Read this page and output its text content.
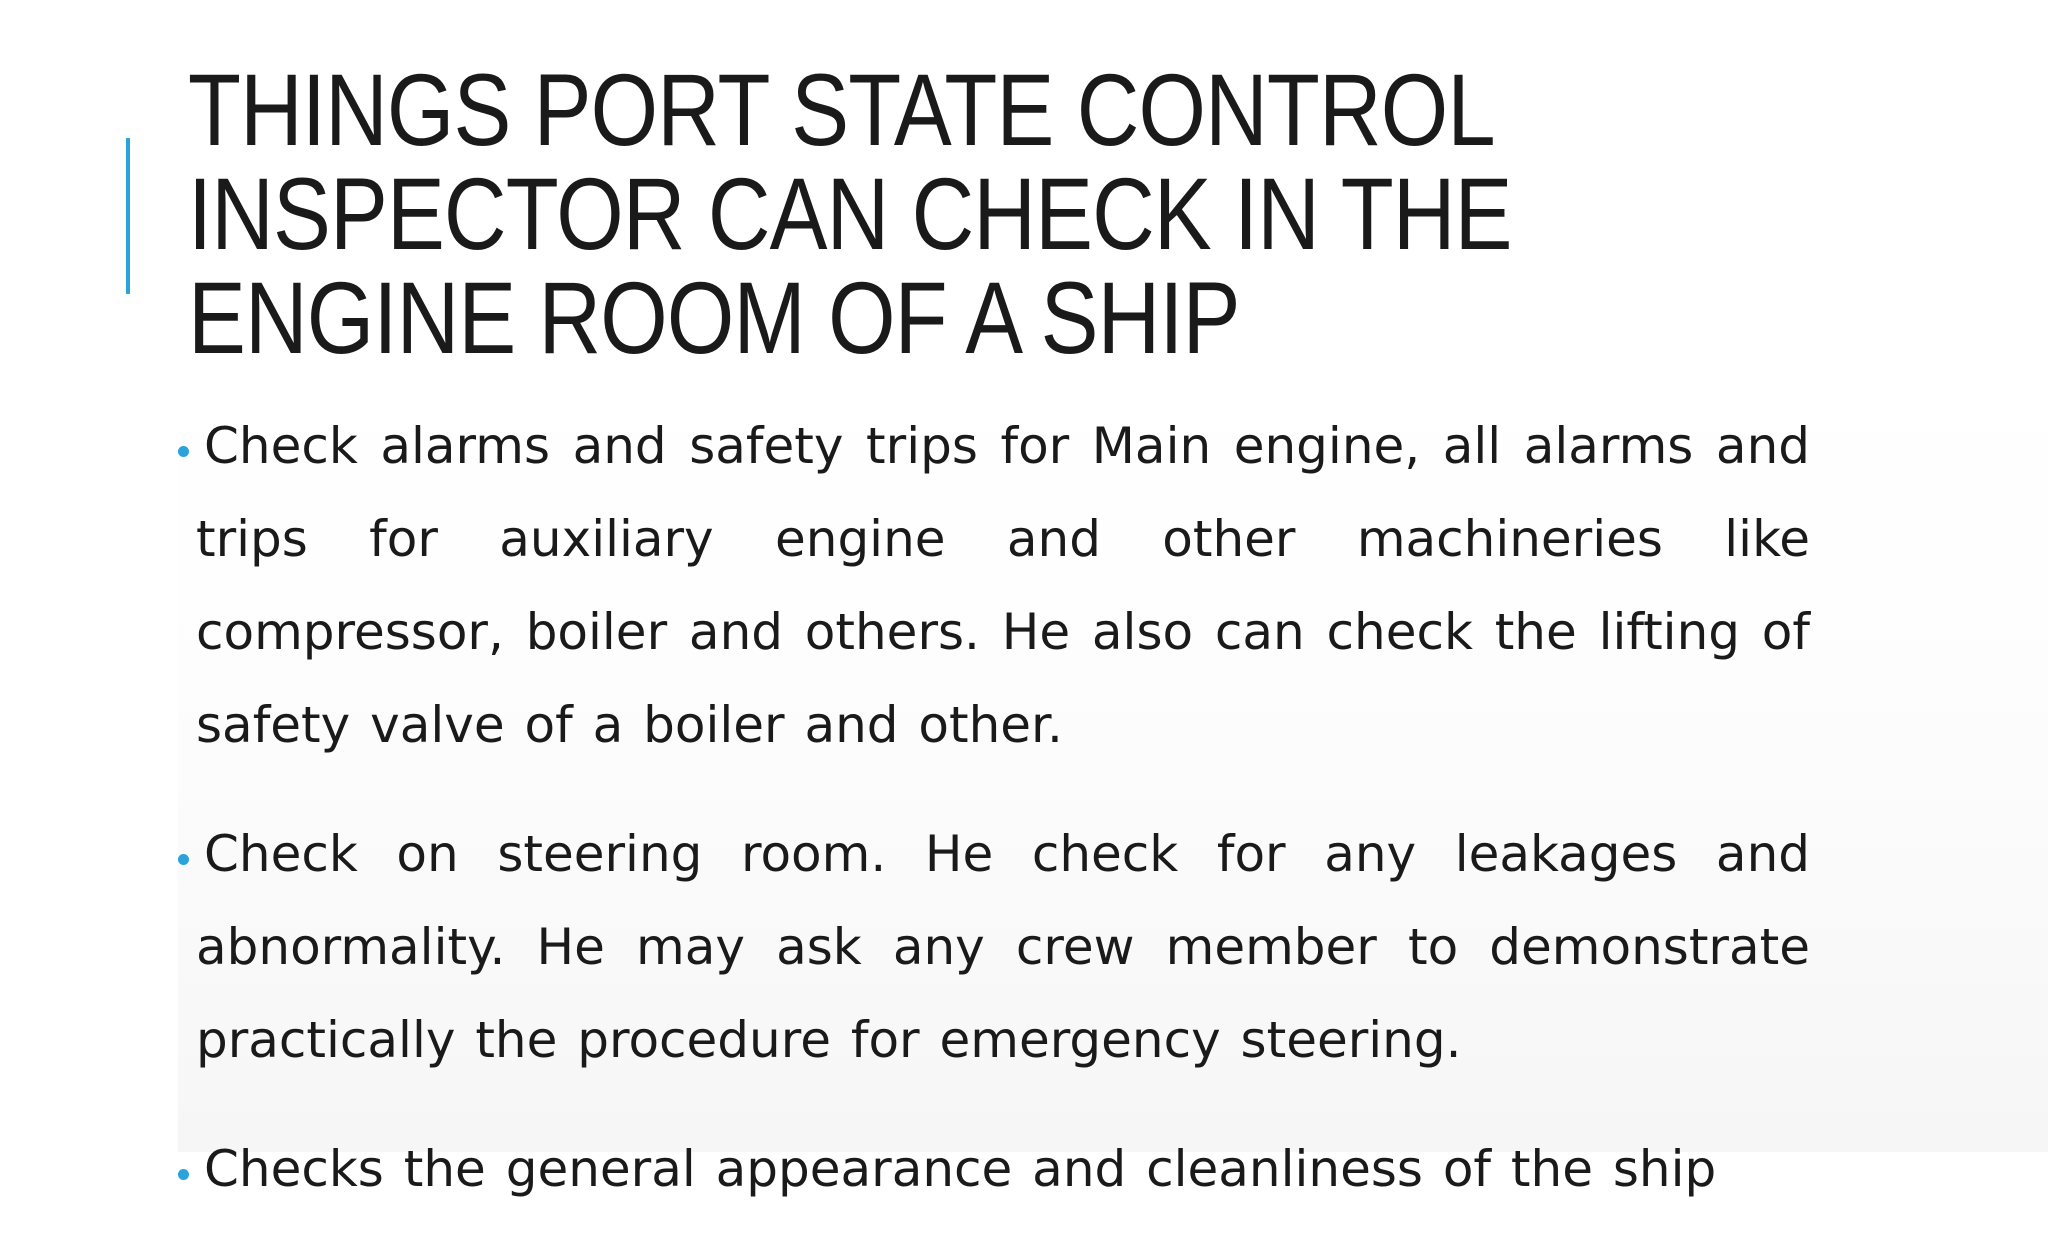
THINGS PORT STATE CONTROL
INSPECTOR CAN CHECK IN THE
ENGINE ROOM OF A SHIP
Check alarms and safety trips for Main engine, all alarms and trips for auxiliary engine and other machineries like compressor, boiler and others. He also can check the lifting of safety valve of a boiler and other.
Check on steering room. He check for any leakages and abnormality. He may ask any crew member to demonstrate practically the procedure for emergency steering.
Checks the general appearance and cleanliness of the ship
